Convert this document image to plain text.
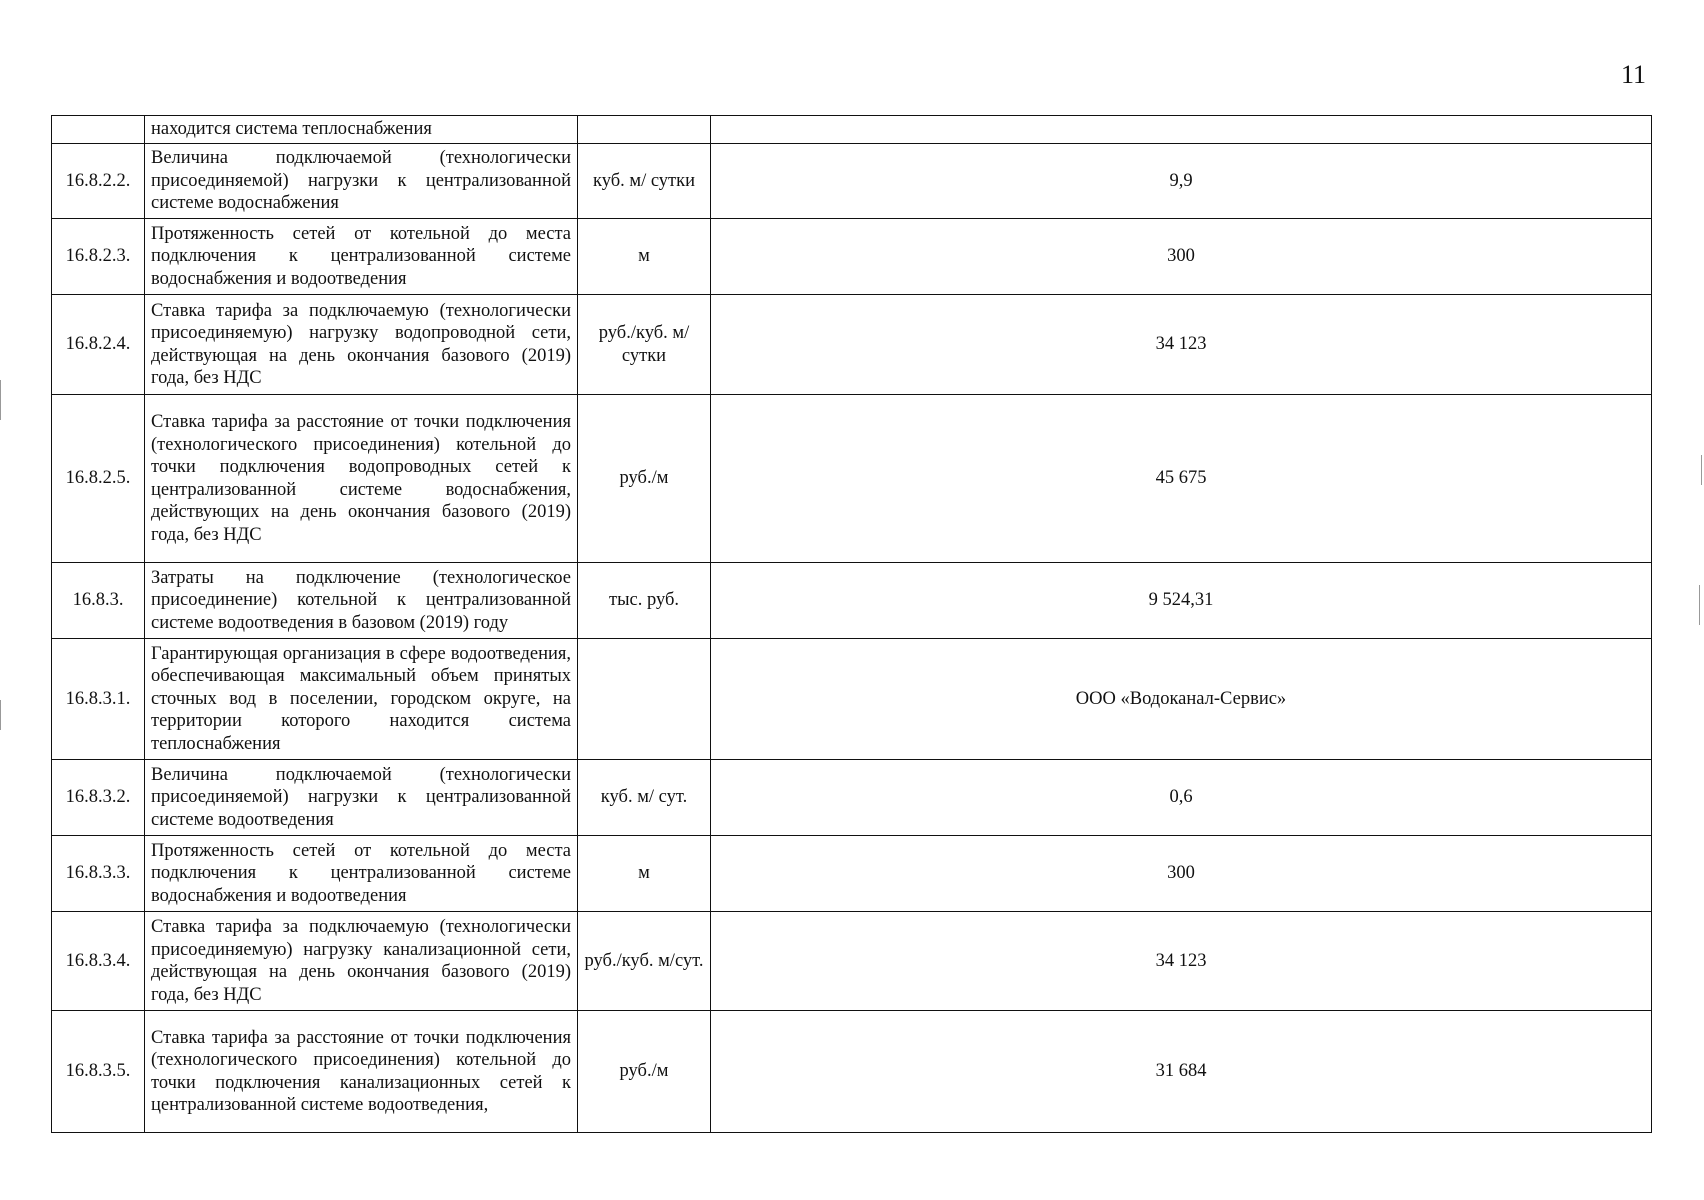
11
	находится система теплоснабжения		
16.8.2.2.	Величина подключаемой (технологически присоединяемой) нагрузки к централизованной системе водоснабжения	куб. м/ сутки	9,9
16.8.2.3.	Протяженность сетей от котельной до места подключения к централизованной системе водоснабжения и водоотведения	м	300
16.8.2.4.	Ставка тарифа за подключаемую (технологически присоединяемую) нагрузку водопроводной сети, действующая на день окончания базового (2019) года, без НДС	руб./куб. м/сутки	34 123
16.8.2.5.	Ставка тарифа за расстояние от точки подключения (технологического присоединения) котельной до точки подключения водопроводных сетей к централизованной системе водоснабжения, действующих на день окончания базового (2019) года, без НДС	руб./м	45 675
16.8.3.	Затраты на подключение (технологическое присоединение) котельной к централизованной системе водоотведения в базовом (2019) году	тыс. руб.	9 524,31
16.8.3.1.	Гарантирующая организация в сфере водоотведения, обеспечивающая максимальный объем принятых сточных вод в поселении, городском округе, на территории которого находится система теплоснабжения		ООО «Водоканал-Сервис»
16.8.3.2.	Величина подключаемой (технологически присоединяемой) нагрузки к централизованной системе водоотведения	куб. м/ сут.	0,6
16.8.3.3.	Протяженность сетей от котельной до места подключения к централизованной системе водоснабжения и водоотведения	м	300
16.8.3.4.	Ставка тарифа за подключаемую (технологически присоединяемую) нагрузку канализационной сети, действующая на день окончания базового (2019) года, без НДС	руб./куб. м/сут.	34 123
16.8.3.5.	Ставка тарифа за расстояние от точки подключения (технологического присоединения) котельной до точки подключения канализационных сетей к централизованной системе водоотведения,	руб./м	31 684
